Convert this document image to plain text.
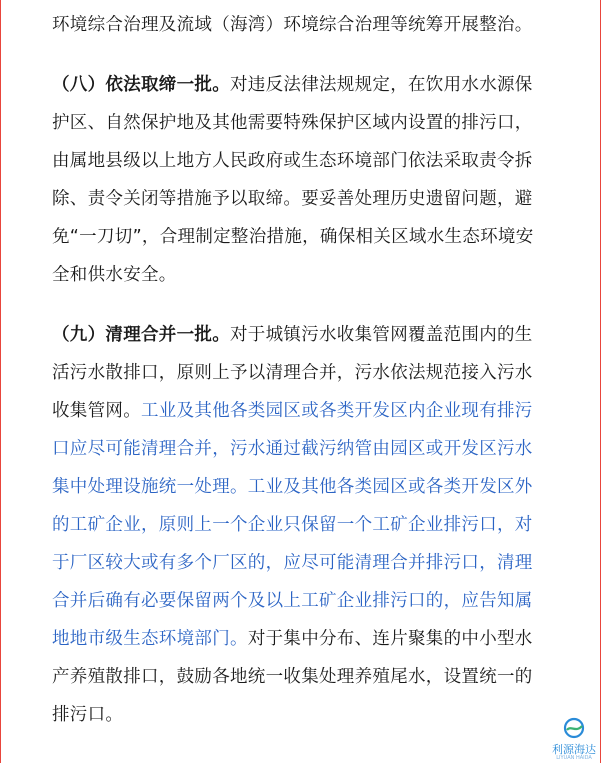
环境综合治理及流域（海湾）环境综合治理等统筹开展整治。
（八）依法取缔一批。对违反法律法规规定，在饮用水水源保
护区、自然保护地及其他需要特殊保护区域内设置的排污口，
由属地县级以上地方人民政府或生态环境部门依法采取责令拆
除、责令关闭等措施予以取缔。要妥善处理历史遗留问题，避
免“一刀切”，合理制定整治措施，确保相关区域水生态环境安
全和供水安全。
（九）清理合并一批。对于城镇污水收集管网覆盖范围内的生
活污水散排口，原则上予以清理合并，污水依法规范接入污水
收集管网。工业及其他各类园区或各类开发区内企业现有排污
口应尽可能清理合并，污水通过截污纳管由园区或开发区污水
集中处理设施统一处理。工业及其他各类园区或各类开发区外
的工矿企业，原则上一个企业只保留一个工矿企业排污口，对
于厂区较大或有多个厂区的，应尽可能清理合并排污口，清理
合并后确有必要保留两个及以上工矿企业排污口的，应告知属
地地市级生态环境部门。对于集中分布、连片聚集的中小型水
产养殖散排口，鼓励各地统一收集处理养殖尾水，设置统一的
排污口。
利源海达
LIYUAN HAIDA
